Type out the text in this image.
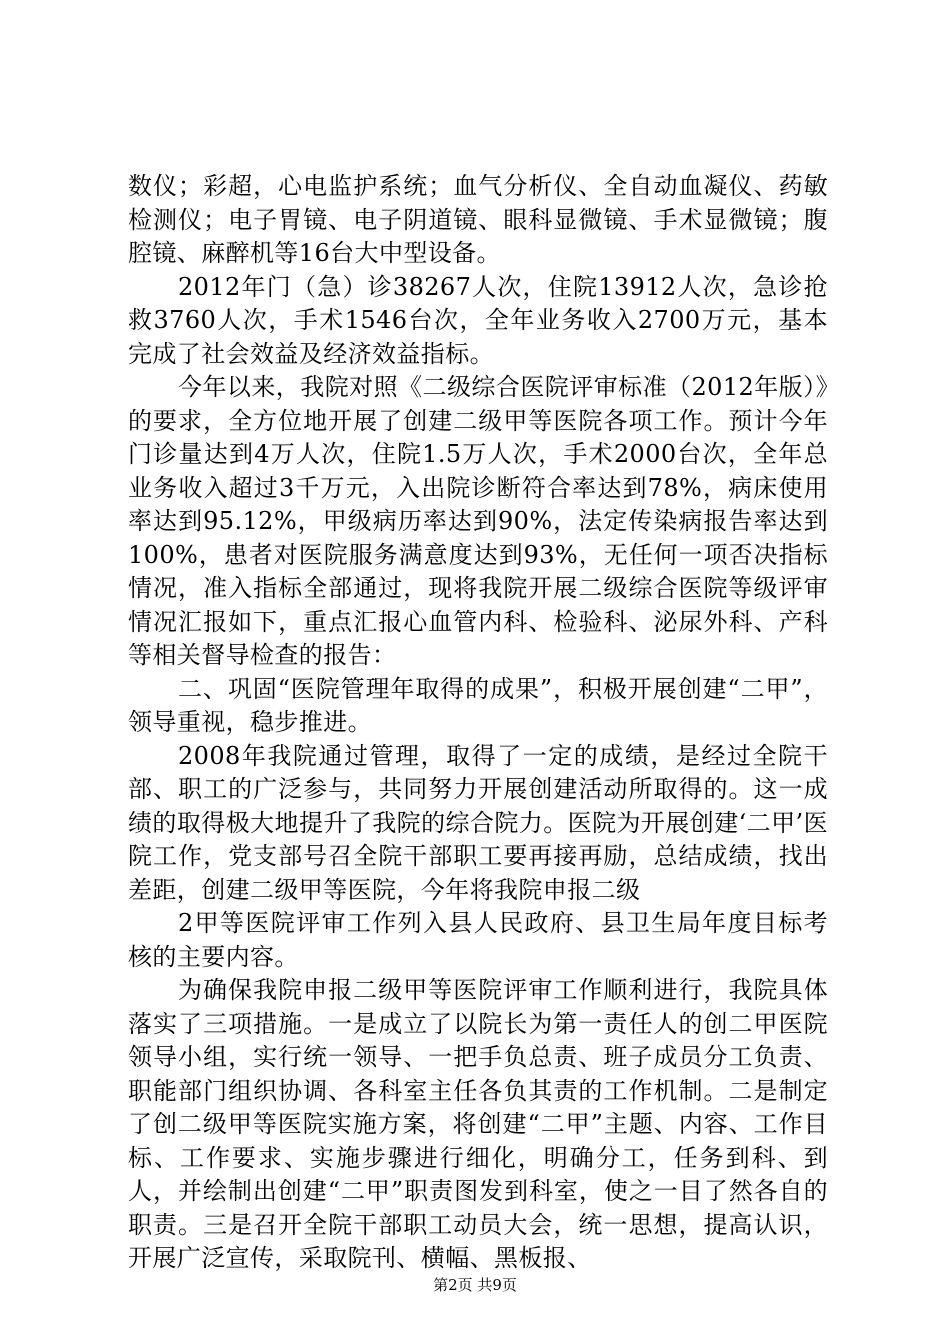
数仪；彩超，心电监护系统；血气分析仪、全自动血凝仪、药敏检测仪；电子胃镜、电子阴道镜、眼科显微镜、手术显微镜；腹腔镜、麻醉机等16台大中型设备。

2012年门（急）诊38267人次，住院13912人次，急诊抢救3760人次，手术1546台次，全年业务收入2700万元，基本完成了社会效益及经济效益指标。

今年以来，我院对照《二级综合医院评审标准（2012年版）》的要求，全方位地开展了创建二级甲等医院各项工作。预计今年门诊量达到4万人次，住院1.5万人次，手术2000台次，全年总业务收入超过3千万元，入出院诊断符合率达到78%，病床使用率达到95.12%，甲级病历率达到90%，法定传染病报告率达到100%，患者对医院服务满意度达到93%，无任何一项否决指标情况，准入指标全部通过，现将我院开展二级综合医院等级评审情况汇报如下，重点汇报心血管内科、检验科、泌尿外科、产科等相关督导检查的报告：

二、巩固“医院管理年取得的成果”，积极开展创建“二甲”，领导重视，稳步推进。

2008年我院通过管理，取得了一定的成绩，是经过全院干部、职工的广泛参与，共同努力开展创建活动所取得的。这一成绩的取得极大地提升了我院的综合院力。医院为开展创建‘二甲’医院工作，党支部号召全院干部职工要再接再励，总结成绩，找出差距，创建二级甲等医院，今年将我院申报二级

2甲等医院评审工作列入县人民政府、县卫生局年度目标考核的主要内容。

为确保我院申报二级甲等医院评审工作顺利进行，我院具体落实了三项措施。一是成立了以院长为第一责任人的创二甲医院领导小组，实行统一领导、一把手负总责、班子成员分工负责、职能部门组织协调、各科室主任各负其责的工作机制。二是制定了创二级甲等医院实施方案，将创建“二甲”主题、内容、工作目标、工作要求、实施步骤进行细化，明确分工，任务到科、到人，并绘制出创建“二甲”职责图发到科室，使之一目了然各自的职责。三是召开全院干部职工动员大会，统一思想，提高认识，开展广泛宣传，采取院刊、横幅、黑板报、

第2页 共9页
